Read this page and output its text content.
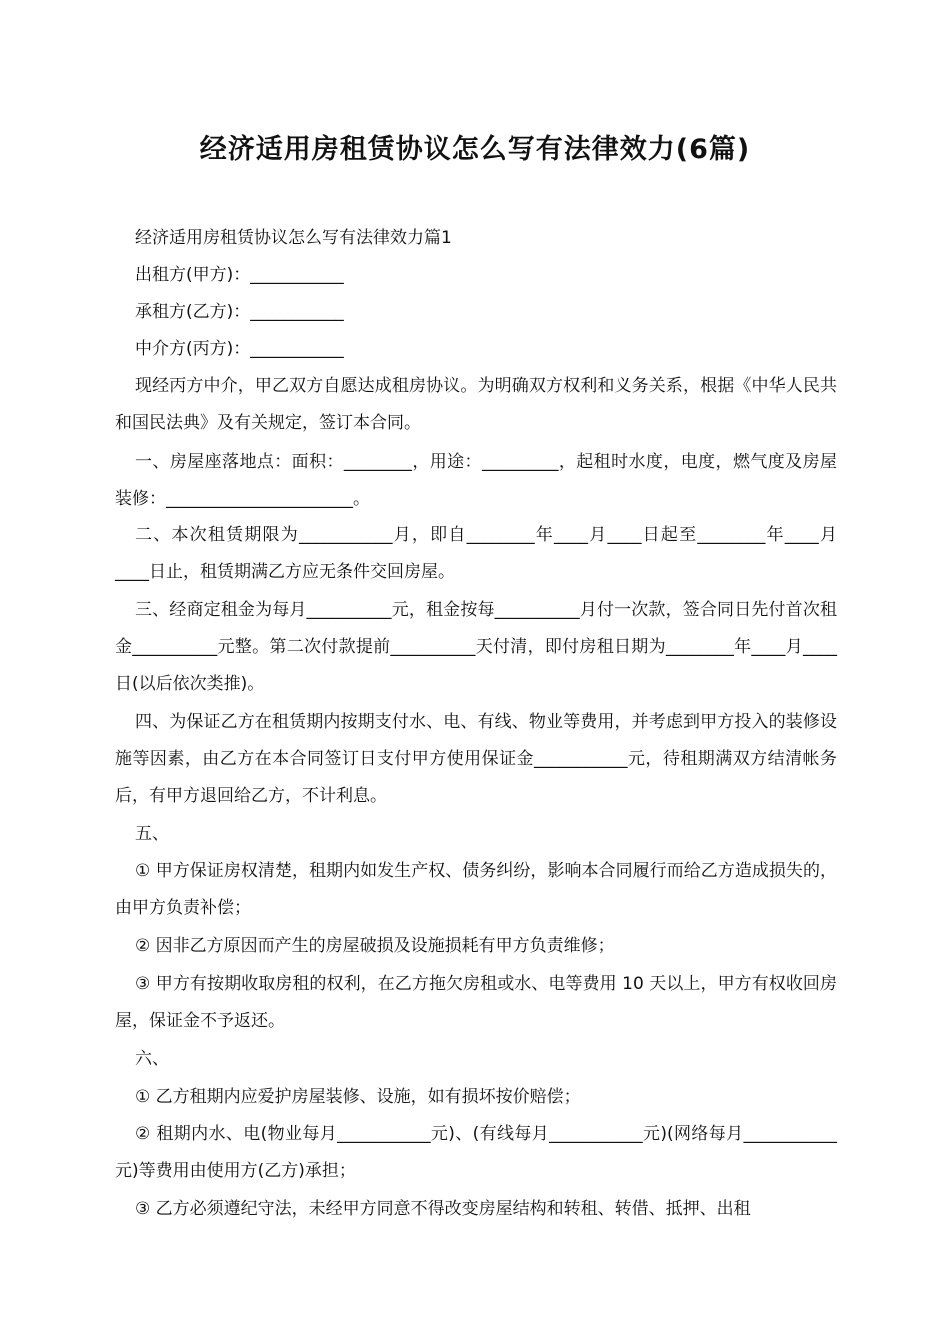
经济适用房租赁协议怎么写有法律效力(6篇)
经济适用房租赁协议怎么写有法律效力篇1
出租方(甲方)：___________
承租方(乙方)：___________
中介方(丙方)：___________
现经丙方中介，甲乙双方自愿达成租房协议。为明确双方权利和义务关系，根据《中华人民共和国民法典》及有关规定，签订本合同。
一、房屋座落地点：面积：________，用途：_________，起租时水度，电度，燃气度及房屋装修：______________________。
二、本次租赁期限为___________月，即自________年____月____日起至________年____月____日止，租赁期满乙方应无条件交回房屋。
三、经商定租金为每月__________元，租金按每__________月付一次款，签合同日先付首次租金__________元整。第二次付款提前__________天付清，即付房租日期为________年____月____日(以后依次类推)。
四、为保证乙方在租赁期内按期支付水、电、有线、物业等费用，并考虑到甲方投入的装修设施等因素，由乙方在本合同签订日支付甲方使用保证金___________元，待租期满双方结清帐务后，有甲方退回给乙方，不计利息。
五、
① 甲方保证房权清楚，租期内如发生产权、债务纠纷，影响本合同履行而给乙方造成损失的，由甲方负责补偿；
② 因非乙方原因而产生的房屋破损及设施损耗有甲方负责维修；
③ 甲方有按期收取房租的权利，在乙方拖欠房租或水、电等费用 10 天以上，甲方有权收回房屋，保证金不予返还。
六、
① 乙方租期内应爱护房屋装修、设施，如有损坏按价赔偿；
② 租期内水、电(物业每月___________元)、(有线每月___________元)(网络每月___________元)等费用由使用方(乙方)承担；
③ 乙方必须遵纪守法，未经甲方同意不得改变房屋结构和转租、转借、抵押、出租
